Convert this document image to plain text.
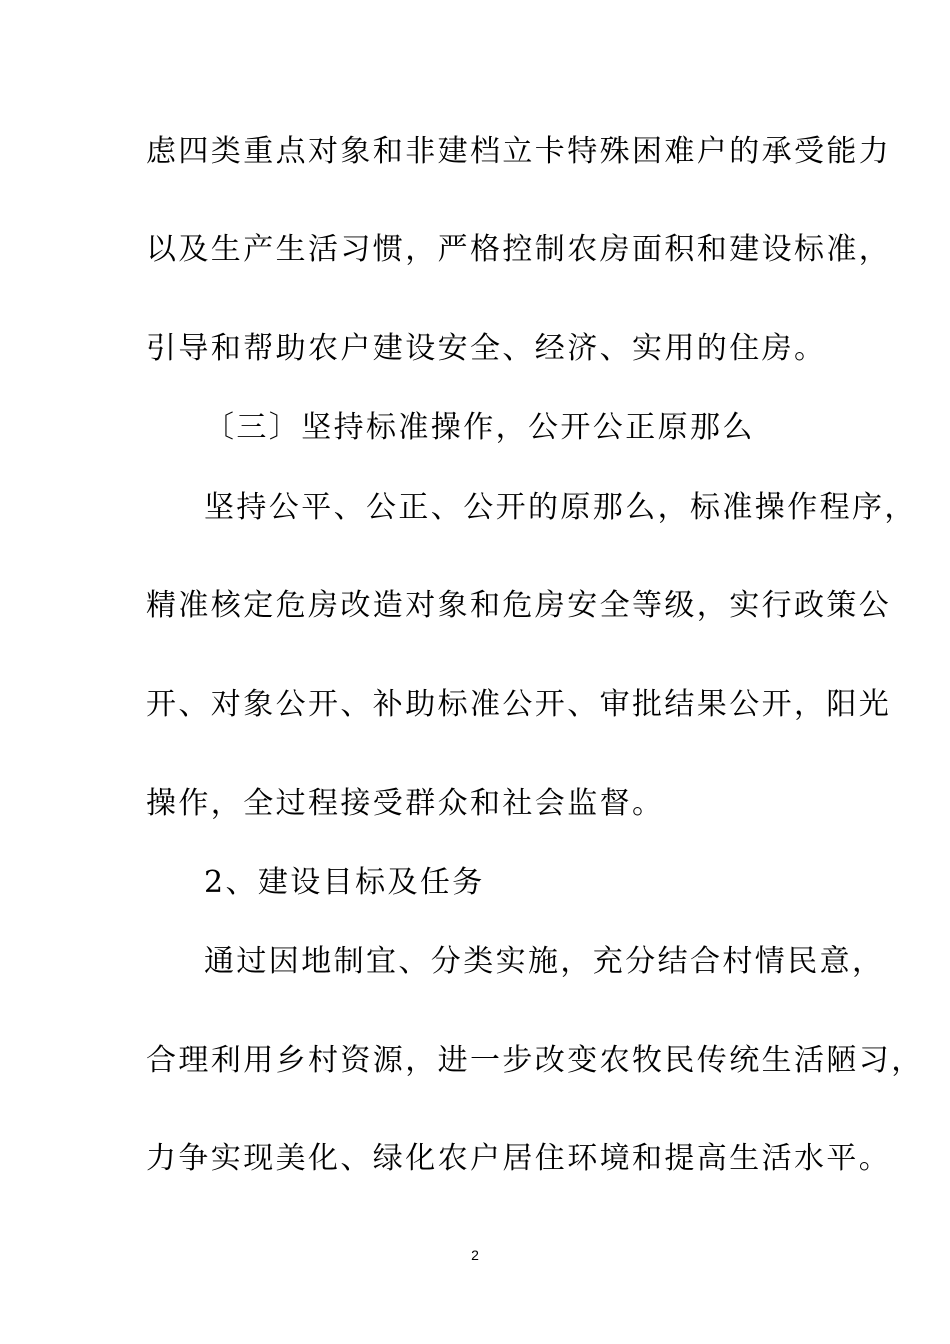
虑四类重点对象和非建档立卡特殊困难户的承受能力
以及生产生活习惯，严格控制农房面积和建设标准，
引导和帮助农户建设安全、经济、实用的住房。
〔三〕坚持标准操作，公开公正原那么
坚持公平、公正、公开的原那么，标准操作程序，
精准核定危房改造对象和危房安全等级，实行政策公
开、对象公开、补助标准公开、审批结果公开，阳光
操作，全过程接受群众和社会监督。
2、建设目标及任务
通过因地制宜、分类实施，充分结合村情民意，
合理利用乡村资源，进一步改变农牧民传统生活陋习，
力争实现美化、绿化农户居住环境和提高生活水平。
2
